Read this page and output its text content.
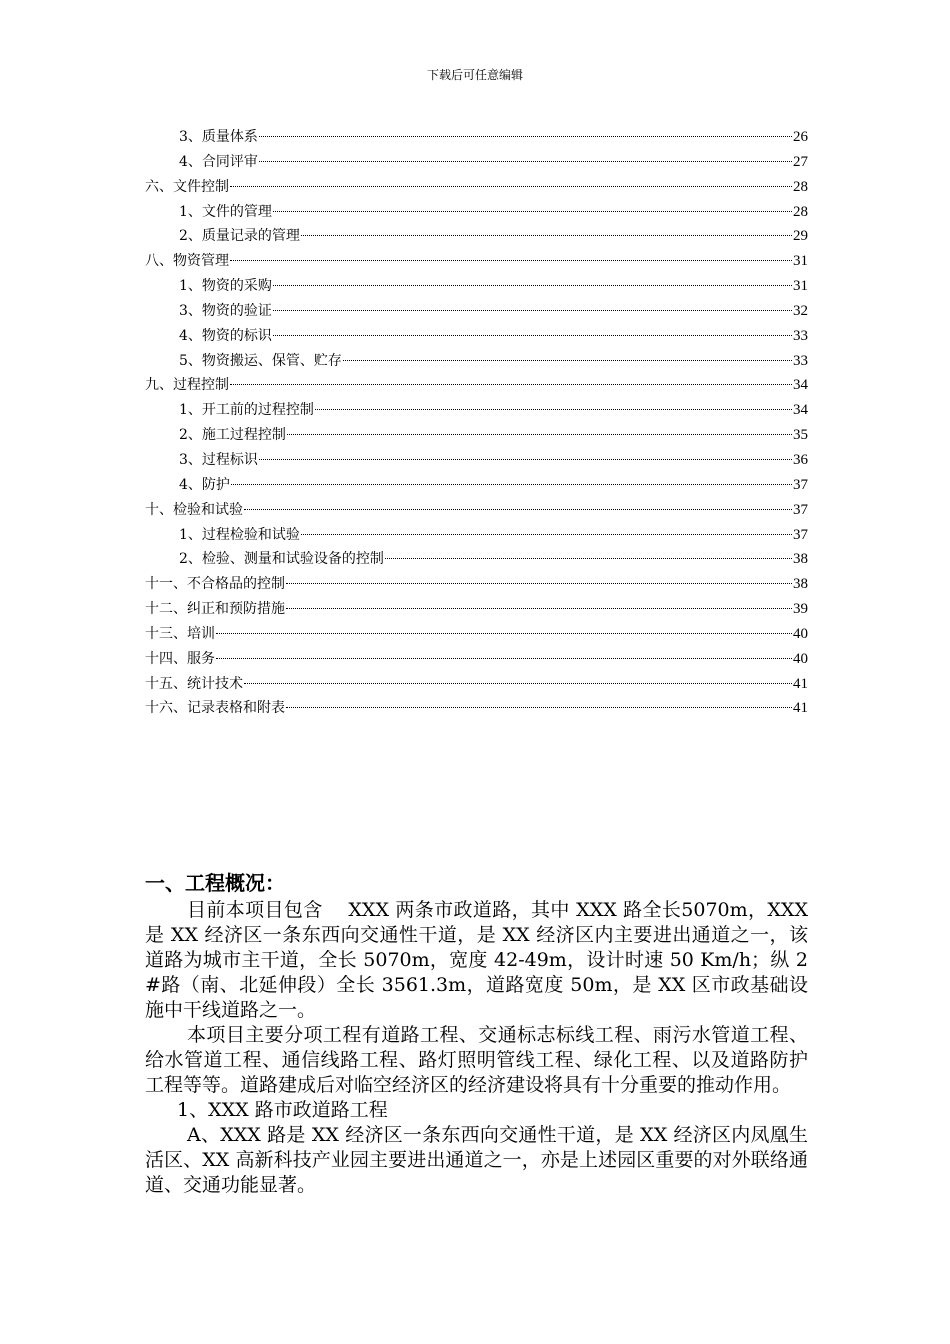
下载后可任意编辑
3、质量体系	26
4、合同评审	27
六、文件控制	28
1、文件的管理	28
2、质量记录的管理	29
八、物资管理	31
1、物资的采购	31
3、物资的验证	32
4、物资的标识	33
5、物资搬运、保管、贮存	33
九、过程控制	34
1、开工前的过程控制	34
2、施工过程控制	35
3、过程标识	36
4、防护	37
十、检验和试验	37
1、过程检验和试验	37
2、检验、测量和试验设备的控制	38
十一、不合格品的控制	38
十二、纠正和预防措施	39
十三、培训	40
十四、服务	40
十五、统计技术	41
十六、记录表格和附表	41

一、工程概况：

目前本项目包含　 XXX 两条市政道路，其中 XXX 路全长5070m，XXX 是 XX 经济区一条东西向交通性干道，是 XX 经济区内主要进出通道之一，该道路为城市主干道，全长 5070m，宽度 42-49m，设计时速 50 Km/h；纵 2#路（南、北延伸段）全长 3561.3m，道路宽度 50m，是 XX 区市政基础设施中干线道路之一。

本项目主要分项工程有道路工程、交通标志标线工程、雨污水管道工程、给水管道工程、通信线路工程、路灯照明管线工程、绿化工程、以及道路防护工程等等。道路建成后对临空经济区的经济建设将具有十分重要的推动作用。

1、XXX 路市政道路工程

A、XXX 路是 XX 经济区一条东西向交通性干道，是 XX 经济区内凤凰生活区、XX 高新科技产业园主要进出通道之一，亦是上述园区重要的对外联络通道、交通功能显著。
